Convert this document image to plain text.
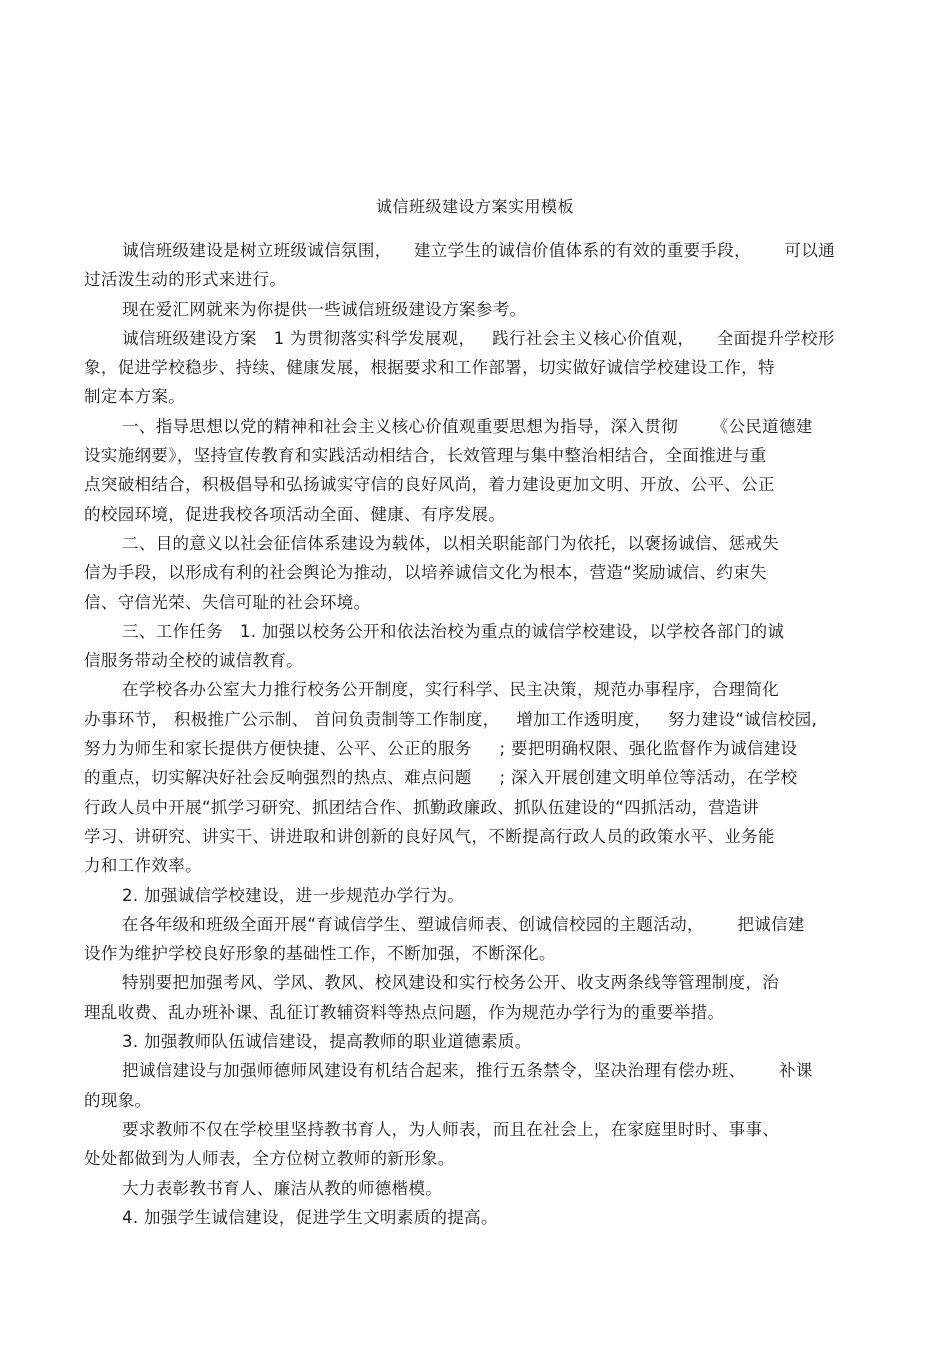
诚信班级建设方案实用模板
诚信班级建设是树立班级诚信氛围，    建立学生的诚信价值体系的有效的重要手段，      可以通
过活泼生动的形式来进行。
现在爱汇网就来为你提供一些诚信班级建设方案参考。
诚信班级建设方案   1 为贯彻落实科学发展观，   践行社会主义核心价值观，    全面提升学校形
象，促进学校稳步、持续、健康发展，根据要求和工作部署，切实做好诚信学校建设工作，特
制定本方案。
一、指导思想以党的精神和社会主义核心价值观重要思想为指导，深入贯彻      《公民道德建
设实施纲要》，坚持宣传教育和实践活动相结合，长效管理与集中整治相结合，全面推进与重
点突破相结合，积极倡导和弘扬诚实守信的良好风尚，着力建设更加文明、开放、公平、公正
的校园环境，促进我校各项活动全面、健康、有序发展。
二、目的意义以社会征信体系建设为载体，以相关职能部门为依托，以褒扬诚信、惩戒失
信为手段，以形成有利的社会舆论为推动，以培养诚信文化为根本，营造“奖励诚信、约束失
信、守信光荣、失信可耻的社会环境。
三、工作任务   1. 加强以校务公开和依法治校为重点的诚信学校建设，以学校各部门的诚
信服务带动全校的诚信教育。
在学校各办公室大力推行校务公开制度，实行科学、民主决策，规范办事程序，合理简化
办事环节， 积极推广公示制、 首问负责制等工作制度，   增加工作透明度，   努力建设“诚信校园,
努力为师生和家长提供方便快捷、公平、公正的服务     ; 要把明确权限、强化监督作为诚信建设
的重点，切实解决好社会反响强烈的热点、难点问题     ; 深入开展创建文明单位等活动，在学校
行政人员中开展“抓学习研究、抓团结合作、抓勤政廉政、抓队伍建设的“四抓活动，营造讲
学习、讲研究、讲实干、讲进取和讲创新的良好风气，不断提高行政人员的政策水平、业务能
力和工作效率。
2. 加强诚信学校建设，进一步规范办学行为。
在各年级和班级全面开展“育诚信学生、塑诚信师表、创诚信校园的主题活动，      把诚信建
设作为维护学校良好形象的基础性工作，不断加强，不断深化。
特别要把加强考风、学风、教风、校风建设和实行校务公开、收支两条线等管理制度，治
理乱收费、乱办班补课、乱征订教辅资料等热点问题，作为规范办学行为的重要举措。
3. 加强教师队伍诚信建设，提高教师的职业道德素质。
把诚信建设与加强师德师风建设有机结合起来，推行五条禁令，坚决治理有偿办班、      补课
的现象。
要求教师不仅在学校里坚持教书育人，为人师表，而且在社会上，在家庭里时时、事事、
处处都做到为人师表，全方位树立教师的新形象。
大力表彰教书育人、廉洁从教的师德楷模。
4. 加强学生诚信建设，促进学生文明素质的提高。
